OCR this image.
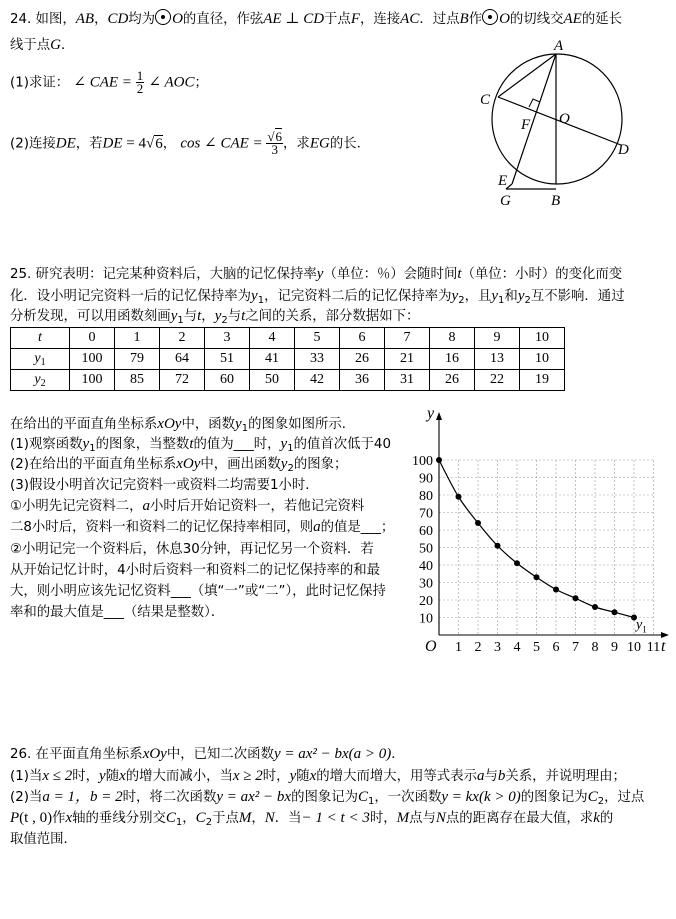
24. 如图，AB，CD均为 O的直径，作弦AE ⊥ CD于点F，连接AC．过点B作 O的切线交AE的延长
线于点G．
(1)求证： ∠ CAE = $\frac{1}{2}$ ∠ AOC；
(2)连接DE，若DE = 4√6， cos ∠ CAE = $\frac{√6}{3}$ ，求EG的长．
A
C
O
F
D
E
G	B
25. 研究表明：记完某种资料后，大脑的记忆保持率y（单位：％）会随时间t（单位：小时）的变化而变
化．设小明记完资料一后的记忆保持率为$y_1$，记完资料二后的记忆保持率为$y_2$，且$y_1$和$y_2$互不影响．通过
分析发现，可以用函数刻画$y_1$与t，$y_2$与t之间的关系，部分数据如下：
t	0	1	2	3	4	5	6	7	8	9	10
$y_1$	100	79	64	51	41	33	26	21	16	13	10
$y_2$	100	85	72	60	50	42	36	31	26	22	19
在给出的平面直角坐标系xOy中，函数$y_1$的图象如图所示．
(1)观察函数$y_1$的图象，当整数t的值为___时，$y_1$的值首次低于40
(2)在给出的平面直角坐标系xOy中，画出函数$y_2$的图象；
(3)假设小明首次记完资料一或资料二均需要1小时．
①小明先记完资料二，a小时后开始记资料一，若他记完资料
二8小时后，资料一和资料二的记忆保持率相同，则a的值是___；
②小明记完一个资料后，休息30分钟，再记忆另一个资料．若
从开始记忆计时，4小时后资料一和资料二的记忆保持率的和最
大，则小明应该先记忆资料___（填“一”或“二”），此时记忆保持
率和的最大值是___（结果是整数）．
1 2 3 4 5 6 7 8 9 10 11
10
20
30
40
50
60
70
80
90
100
t
y
O
$y_1$
26. 在平面直角坐标系xOy中，已知二次函数y = ax² − bx(a > 0)．
(1)当x ≤ 2时，y随x的增大而减小，当x ≥ 2时，y随x的增大而增大，用等式表示a与b关系，并说明理由；
(2)当a = 1，b = 2时，将二次函数y = ax² − bx的图象记为$C_1$，一次函数y = kx(k > 0)的图象记为$C_2$，过点
P(t , 0)作x轴的垂线分别交$C_1$，$C_2$于点M，N．当− 1 < t < 3时，M点与N点的距离存在最大值，求k的
取值范围．
